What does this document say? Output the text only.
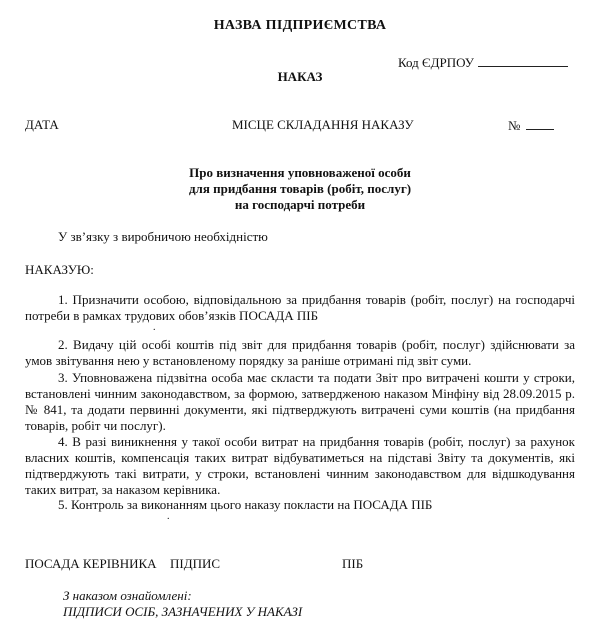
НАЗВА ПІДПРИЄМСТВА
Код ЄДРПОУ
НАКАЗ
ДАТА	МІСЦЕ СКЛАДАННЯ НАКАЗУ	№
Про визначення уповноваженої особи
для придбання товарів (робіт, послуг)
на господарчі потреби
У зв’язку з виробничою необхідністю
НАКАЗУЮ:
1. Призначити особою, відповідальною за придбання товарів (робіт, послуг) на господарчі потреби в рамках трудових обов’язків ПОСАДА ПІБ
.
2. Видачу цій особі коштів під звіт для придбання товарів (робіт, послуг) здійснювати за умов звітування нею у встановленому порядку за раніше отримані під звіт суми.
3. Уповноважена підзвітна особа має скласти та подати Звіт про витрачені кошти у строки, встановлені чинним законодавством, за формою, затвердженою наказом Мінфіну від 28.09.2015 р. № 841, та додати первинні документи, які підтверджують витрачені суми коштів (на придбання товарів, робіт чи послуг).
4. В разі виникнення у такої особи витрат на придбання товарів (робіт, послуг) за рахунок власних коштів, компенсація таких витрат відбуватиметься на підставі Звіту та документів, які підтверджують такі витрати, у строки, встановлені чинним законодавством для відшкодування таких витрат, за наказом керівника.
5. Контроль за виконанням цього наказу покласти на ПОСАДА ПІБ
.
ПОСАДА КЕРІВНИКА ПІДПИС	ПІБ
З наказом ознайомлені:
ПІДПИСИ ОСІБ, ЗАЗНАЧЕНИХ У НАКАЗІ
